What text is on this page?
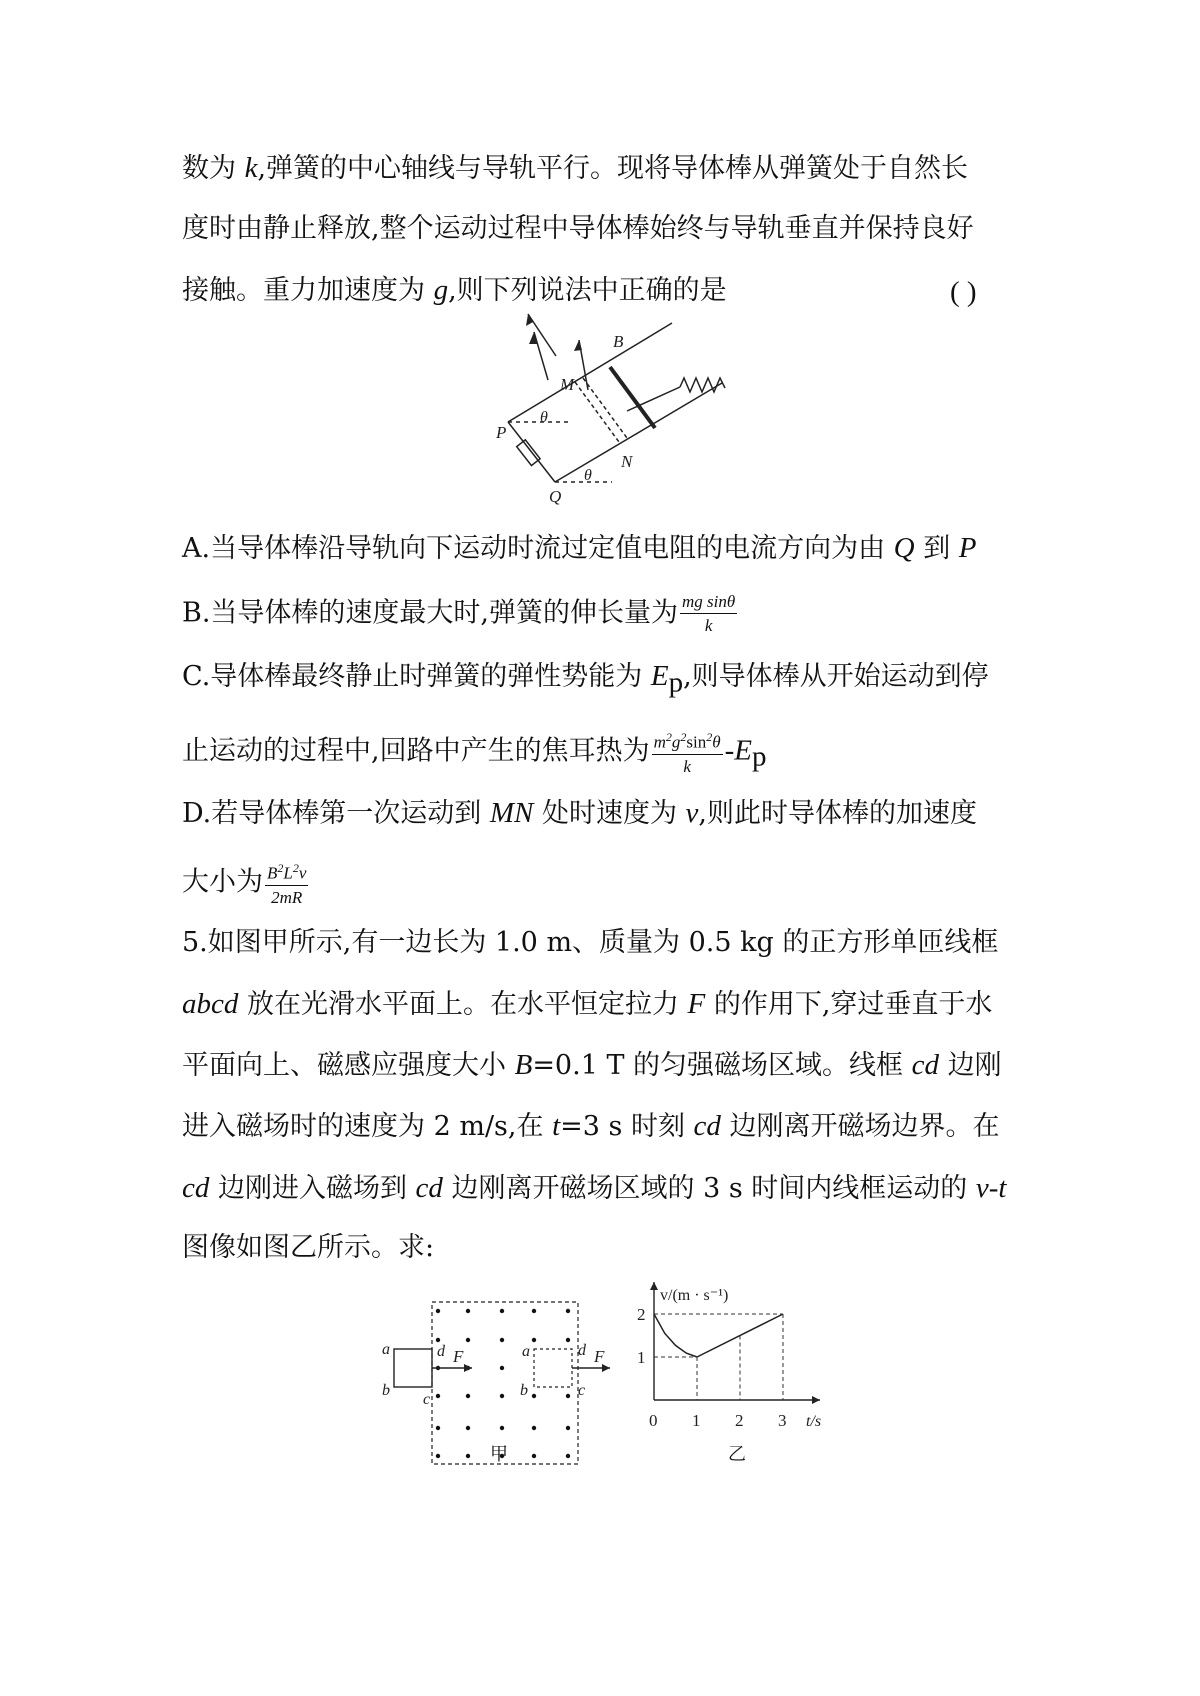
数为 k,弹簧的中心轴线与导轨平行。现将导体棒从弹簧处于自然长
度时由静止释放,整个运动过程中导体棒始终与导轨垂直并保持良好
接触。重力加速度为 g,则下列说法中正确的是	( )
B
M
N
P
Q
θ
θ
A.当导体棒沿导轨向下运动时流过定值电阻的电流方向为由 Q 到 P
B.当导体棒的速度最大时,弹簧的伸长量为 $\frac{\text{mg sinθ}}{k}$
C.导体棒最终静止时弹簧的弹性势能为 $E_p$,则导体棒从开始运动到停
止运动的过程中,回路中产生的焦耳热为 $\frac{m^2g^2\sin^2\theta}{k} -E_p$
D.若导体棒第一次运动到 MN 处时速度为 v,则此时导体棒的加速度
大小为 $\frac{B^2L^2v}{2mR}$
5.如图甲所示,有一边长为 1.0 m、质量为 0.5 kg 的正方形单匝线框
abcd 放在光滑水平面上。在水平恒定拉力 F 的作用下,穿过垂直于水
平面向上、磁感应强度大小 B=0.1 T 的匀强磁场区域。线框 cd 边刚
进入磁场时的速度为 2 m/s,在 t=3 s 时刻 cd 边刚离开磁场边界。在
cd 边刚进入磁场到 cd 边刚离开磁场区域的 3 s 时间内线框运动的 v-t
图像如图乙所示。求:
a
b
c
d F	a
b	c
d F
甲
v/(m · s⁻¹)
t/s
0 1 2 3
1
2
乙
